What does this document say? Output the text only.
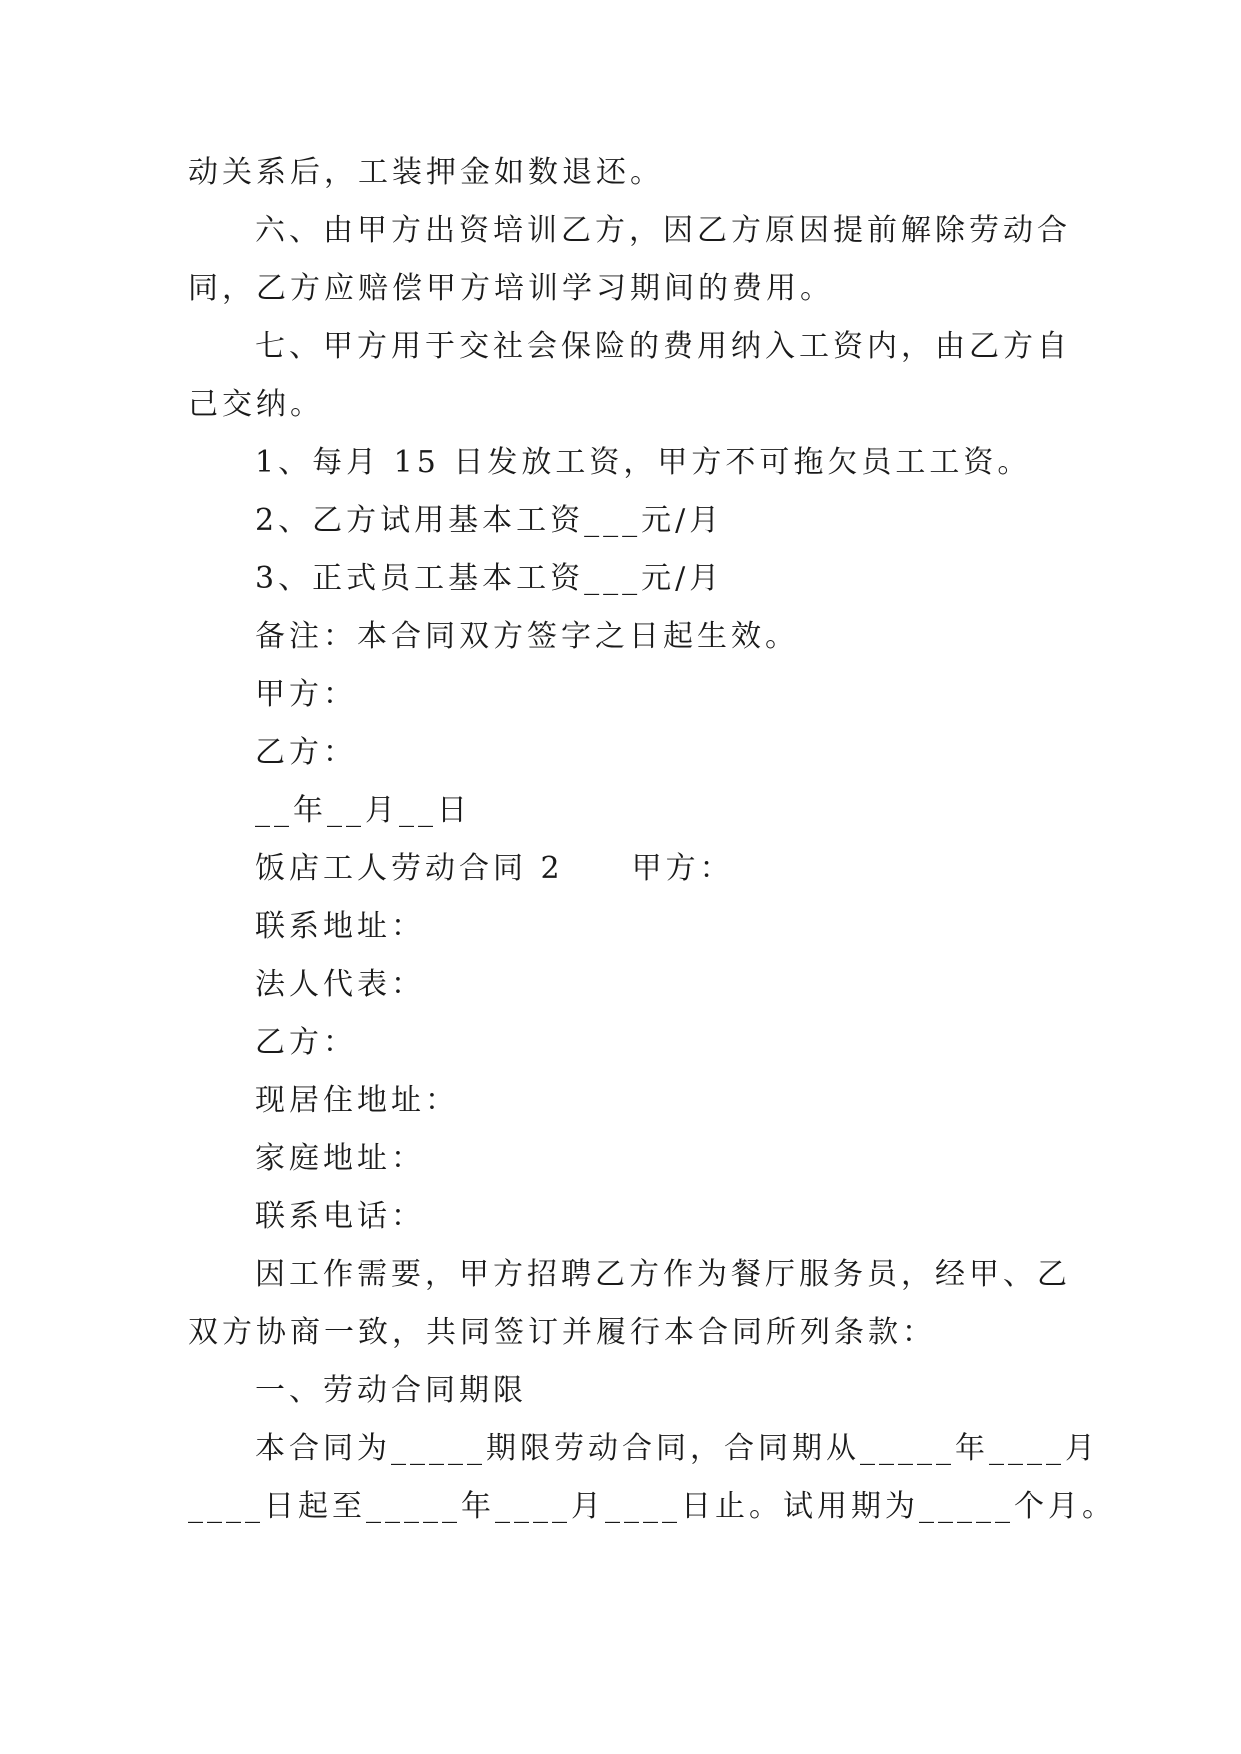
动关系后，工装押金如数退还。

六、由甲方出资培训乙方，因乙方原因提前解除劳动合

同，乙方应赔偿甲方培训学习期间的费用。

七、甲方用于交社会保险的费用纳入工资内，由乙方自

己交纳。

1、每月 15 日发放工资，甲方不可拖欠员工工资。

2、乙方试用基本工资___元/月

3、正式员工基本工资___元/月

备注：本合同双方签字之日起生效。

甲方：

乙方：

__年__月__日

饭店工人劳动合同 2　　甲方：

联系地址：

法人代表：

乙方：

现居住地址：

家庭地址：

联系电话：

因工作需要，甲方招聘乙方作为餐厅服务员，经甲、乙

双方协商一致，共同签订并履行本合同所列条款：

一、劳动合同期限

本合同为_____期限劳动合同，合同期从_____年____月

____日起至_____年____月____日止。试用期为_____个月。
